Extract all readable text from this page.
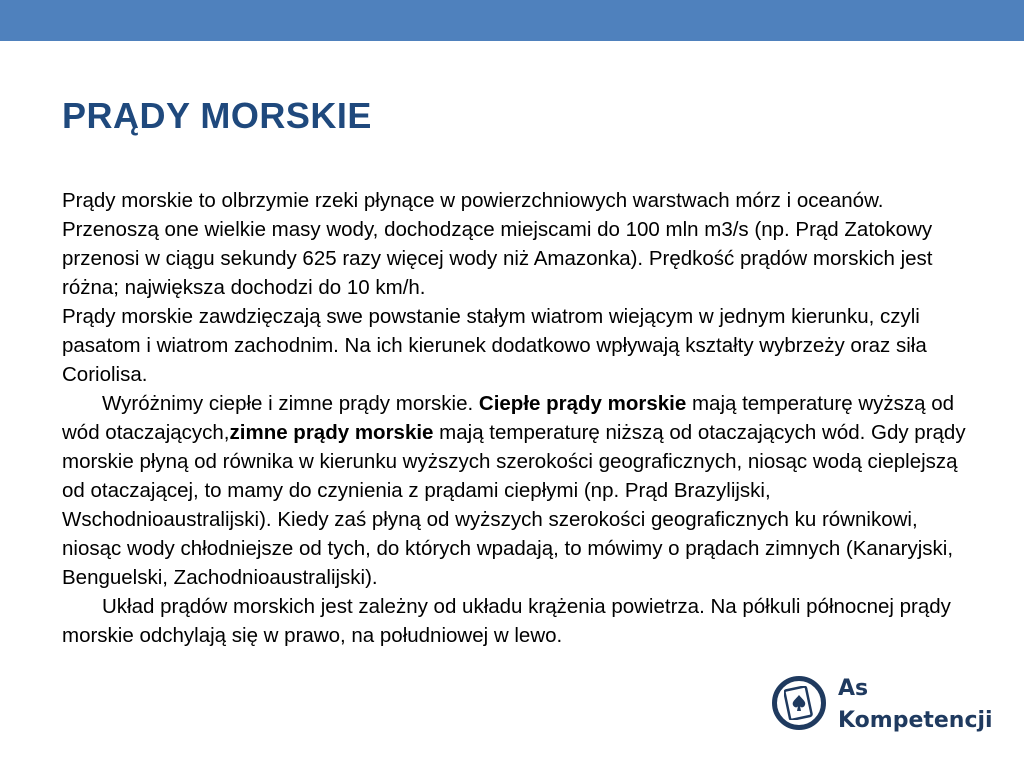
PRĄDY MORSKIE

Prądy morskie to olbrzymie rzeki płynące w powierzchniowych warstwach mórz i oceanów. Przenoszą one wielkie masy wody, dochodzące miejscami do 100 mln m3/s (np. Prąd Zatokowy przenosi w ciągu sekundy 625 razy więcej wody niż Amazonka). Prędkość prądów morskich jest różna; największa dochodzi do 10 km/h.

Prądy morskie zawdzięczają swe powstanie stałym wiatrom wiejącym w jednym kierunku, czyli pasatom i wiatrom zachodnim. Na ich kierunek dodatkowo wpływają kształty wybrzeży oraz siła Coriolisa.

Wyróżnimy ciepłe i zimne prądy morskie. Ciepłe prądy morskie mają temperaturę wyższą od wód otaczających,zimne prądy morskie mają temperaturę niższą od otaczających wód. Gdy prądy morskie płyną od równika w kierunku wyższych szerokości geograficznych, niosąc wodą cieplejszą od otaczającej, to mamy do czynienia z prądami ciepłymi (np. Prąd Brazylijski, Wschodnioaustralijski). Kiedy zaś płyną od wyższych szerokości geograficznych ku równikowi, niosąc wody chłodniejsze od tych, do których wpadają, to mówimy o prądach zimnych (Kanaryjski, Benguelski, Zachodnioaustralijski).

Układ prądów morskich jest zależny od układu krążenia powietrza. Na półkuli północnej prądy morskie odchylają się w prawo, na południowej w lewo.

As
Kompetencji
